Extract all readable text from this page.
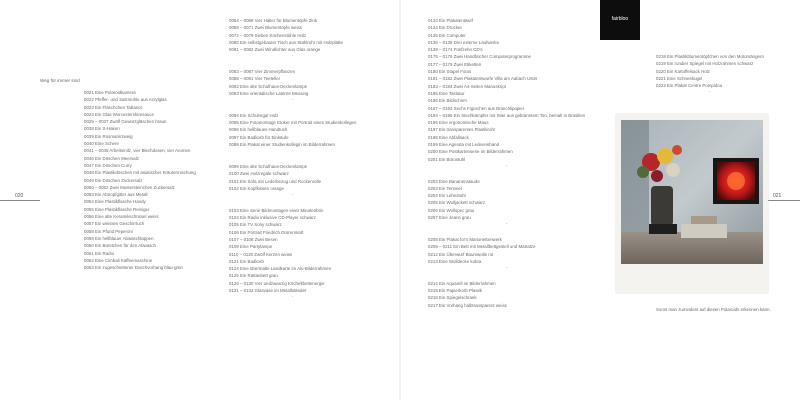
fairbloo
Weg für immer sind
020	021
0021 Eine Polaroidkamera
0022 Pfeffer- und Salzmühle aus Acrylglas
0023 Ein Fläschchen Tabasco
0024 Ein Glas Worcestershiresauce
0025 – 0037 Zwölf Gewürzgläschen braun
0038 Ein S-Haken
0039 Ein Rosmarinzweig
0040 Eine Schere
0041 – 0045 Arbeitsmilz, vier Blechdosen, vier Aromen
0046 Ein Döschen Meersalz
0047 Ein Döschen Curry
0048 Ein Plastikdöschen mit asiatischer Kräutermischung
0049 Ein Döschen Zuckersalz
0050 – 0052 Zwei Mustersteinchen Zuckersalz
0053 Ein Abtropfgitter aus Metall
0054 Eine Plastikflasche Handy
0055 Eine Plastikflasche Reiniger
0056 Eine alte Keramikschüssel weiss
0057 Ein weisses Geschirrtuch
0058 Ein Pfund Peperoni
0059 Ein hellblauer Abwaschlappen
0060 Ein Bürstchen für den Abwasch
0061 Ein Radio
0062 Eine Cimbali Kaffeemaschine
0063 Ein zugeschnittener Duschvorhang blau-grün
0064 – 0068 Vier Halter für Blumentöpfe Zink
0069 – 0071 Zwei Blumentöpfe weiss
0072 – 0079 Sieben Küchenstühle Holz
0080 Ein selbstgebauter Tisch aus Stahlrohr mit Holzplatte
0081 – 0082 Zwei Windlichter aus Glas orange
·
0083 – 0087 Vier Zimmerpflanzen
0088 – 0091 Vier Teeteller
0092 Eine alte Schulhaus-Deckenlampe
0093 Eine orientalische Laterne Messing
·
0094 Ein Schulregal Holz
0095 Eine Fotomontage Etoker mit Portrait eines Studienkollegen
0096 Ein hellblaues Handtuch
0097 Ein Badkorb für Einkäufe
0098 Ein Plakat einer Studienkollegin im Bilderrahmen
·
0099 Eine alte Schulhaus-Deckenlampe
0100 Zwei Holzregale schwarz
0101 Ein Sofa mit Lederbezug und Rockenrolle
0102 Ein Kopfkissen orange
·
0103 Eine Serie Bildmontagen einer Minutenbrin
0104 Ein Radio inklusive CD-Player schwarz
0105 Ein TV Sony schwarz
0106 Ein Portrait Friedrich Dürrenmatt
0107 – 0108 Zwei Besen
0109 Eine Partylampe
0110 – 0120 Zwölf Kerzen weiss
0121 Ein Badkorb
0124 Eine übermalte Landkarte im Alu-Bilderrahmen
0125 Ein Rattanbett grau
0126 – 0130 Vier undzwanzig Köcheltbettenergie
0131 – 0132 Glasvase im Metallständer
·
0133 Ein Plakatentwurf
0134 Ein Drucker
0135 Ein Computer
0136 – 0138 Drei externe Laufwerke
0139 – 0174 Fünfzehn CD's
0175 – 0176 Zwei Handbücher Computerprogramme
0177 – 0179 Zwei Etiketten
0180 Ein Stapel Fotos
0181 – 0182 Zwei Plakatentwurfe Villa am Aabach Uster
0183 – 0184 Zwei A4-Seiten Manuskript
0185 Eine Tastatur
0186 Ein Bildschirm
0187 – 0193 Sechs Figürchen aus Branchlipapier
0194 – 0195 Ein Stechkämpfer mit Stier aus gebranntem Ton, bemalt in Brasilien
0196 Eine ergonomische Maus
0197 Ein transparentes Plastikrohr
0198 Eine Abfallsack
0199 Eine Agenda mit Ledereinband
0200 Eine Postkartenserie im Bilderrahmen
0201 Ein Bürostuhl
·
0202 Eine Bananenstaude
0203 Ein Tennnel
0204 Ein Lehnstuhl
0205 Ein Wolljackett schwarz
0206 Ein Wollspec grau
0207 Eine Jeans grau
·
0208 Ein Plakat for's Marionettenwerk
0209 – 0211 Ein Bett mit Metallbettgestell und Matratze
0212 Ein Überwurf Baumwolle rot
0213 Eine Wolldecke kobra
·
0214 Ein Aquarell im Bilderrahmen
0215 Ein Papierkorb Plastik
0216 Ein Spiegelschrank
0217 Ein Vorhang halbtransparent weiss
0218 Ein Plastikblumentöpfchen von den Motorsängern
0219 Ein rundier Spiegel mit Holzrahmen schwarz
0220 Ein Kartoffelsack Holz
0221 Eine Schneekugel
0222 Ein Plakat Centre Pompidou
·
Sonst man zumindest auf diesen Polaroids erkennen kann.
